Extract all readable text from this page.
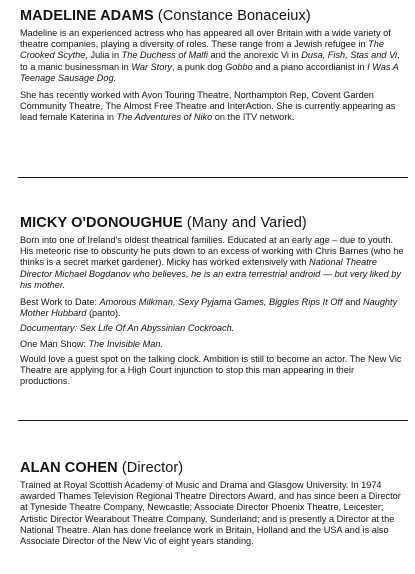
MADELINE ADAMS (Constance Bonaceiux)

Madeline is an experienced actress who has appeared all over Britain with a wide variety of theatre companies, playing a diversity of roles. These range from a Jewish refugee in The Crooked Scythe, Julia in The Duchess of Malfi and the anorexic Vi in Dusa, Fish, Stas and Vi, to a manic businessman in War Story, a punk dog Gobbo and a piano accordianist in I Was A Teenage Sausage Dog.

She has recently worked with Avon Touring Theatre, Northampton Rep, Covent Garden Community Theatre, The Almost Free Theatre and InterAction. She is currently appearing as lead female Katerina in The Adventures of Niko on the ITV network.

MICKY O'DONOUGHUE (Many and Varied)

Born into one of Ireland's oldest theatrical families. Educated at an early age – due to youth. His meteoric rise to obscurity he puts down to an excess of working with Chris Barnes (who he thinks is a secret market gardener). Micky has worked extensively with National Theatre Director Michael Bogdanov who believes, he is an extra terrestrial android — but very liked by his mother.

Best Work to Date: Amorous Milkman, Sexy Pyjama Games, Biggles Rips It Off and Naughty Mother Hubbard (panto).

Documentary: Sex Life Of An Abyssinian Cockroach.

One Man Show: The Invisible Man.

Would love a guest spot on the talking clock. Ambition is still to become an actor. The New Vic Theatre are applying for a High Court injunction to stop this man appearing in their productions.

ALAN COHEN (Director)

Trained at Royal Scottish Academy of Music and Drama and Glasgow University. In 1974 awarded Thames Television Regional Theatre Directors Award, and has since been a Director at Tyneside Theatre Company, Newcastle; Associate Director Phoenix Theatre, Leicester; Artistic Director Wearabout Theatre Company, Sunderland; and is presently a Director at the National Theatre. Alan has done freelance work in Britain, Holland and the USA and is also Associate Director of the New Vic of eight years standing.
